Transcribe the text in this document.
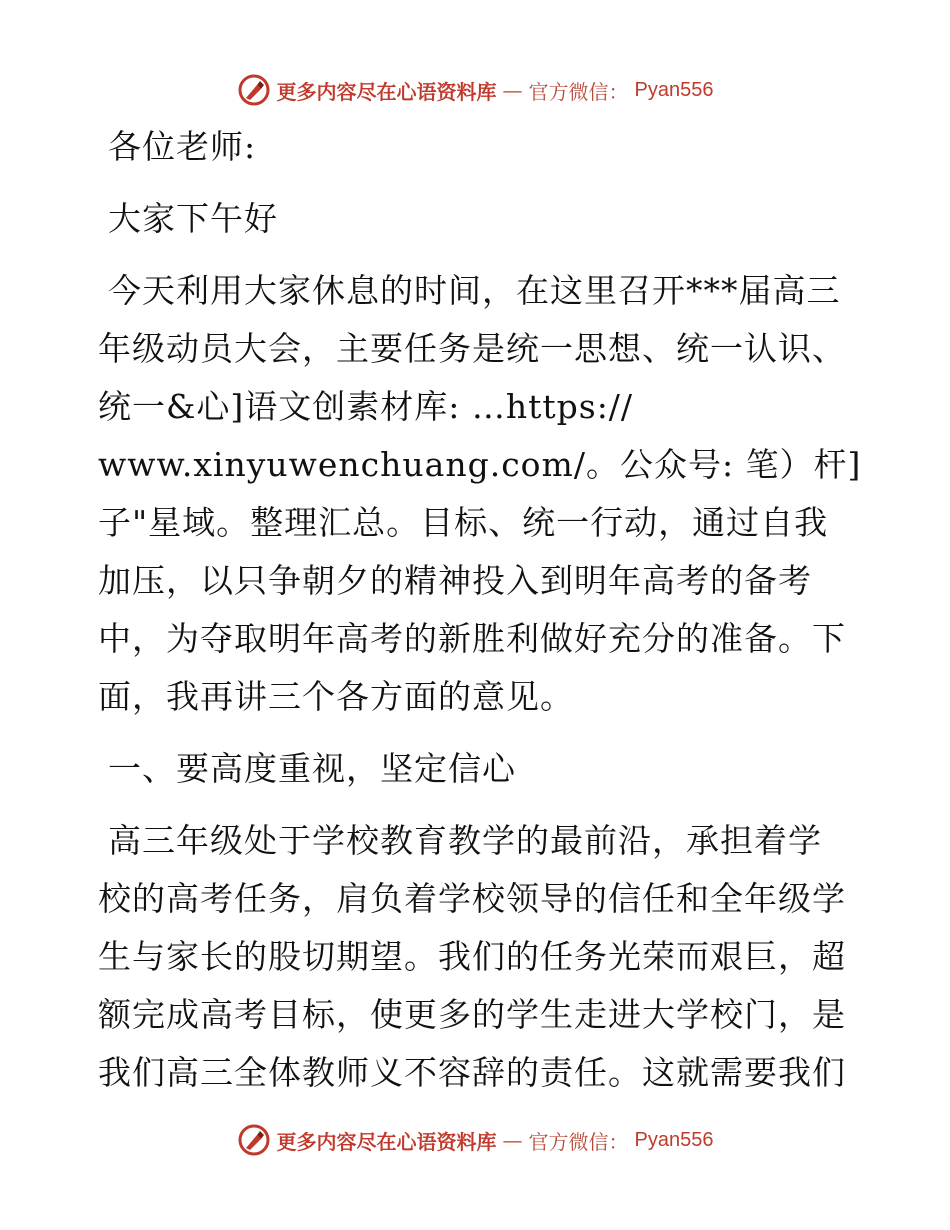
更多内容尽在心语资料库 — 官方微信： Pyan556
各位老师:
大家下午好
今天利用大家休息的时间，在这里召开***届高三
年级动员大会，主要任务是统一思想、统一认识、
统一&心]语文创素材库: …https://
www.xinyuwenchuang.com/。公众号: 笔）杆]
子"星域。整理汇总。目标、统一行动，通过自我
加压，以只争朝夕的精神投入到明年高考的备考
中，为夺取明年高考的新胜利做好充分的准备。下
面，我再讲三个各方面的意见。
一、要高度重视，坚定信心
高三年级处于学校教育教学的最前沿，承担着学
校的高考任务，肩负着学校领导的信任和全年级学
生与家长的股切期望。我们的任务光荣而艰巨，超
额完成高考目标，使更多的学生走进大学校门，是
我们高三全体教师义不容辞的责任。这就需要我们
更多内容尽在心语资料库 — 官方微信： Pyan556
